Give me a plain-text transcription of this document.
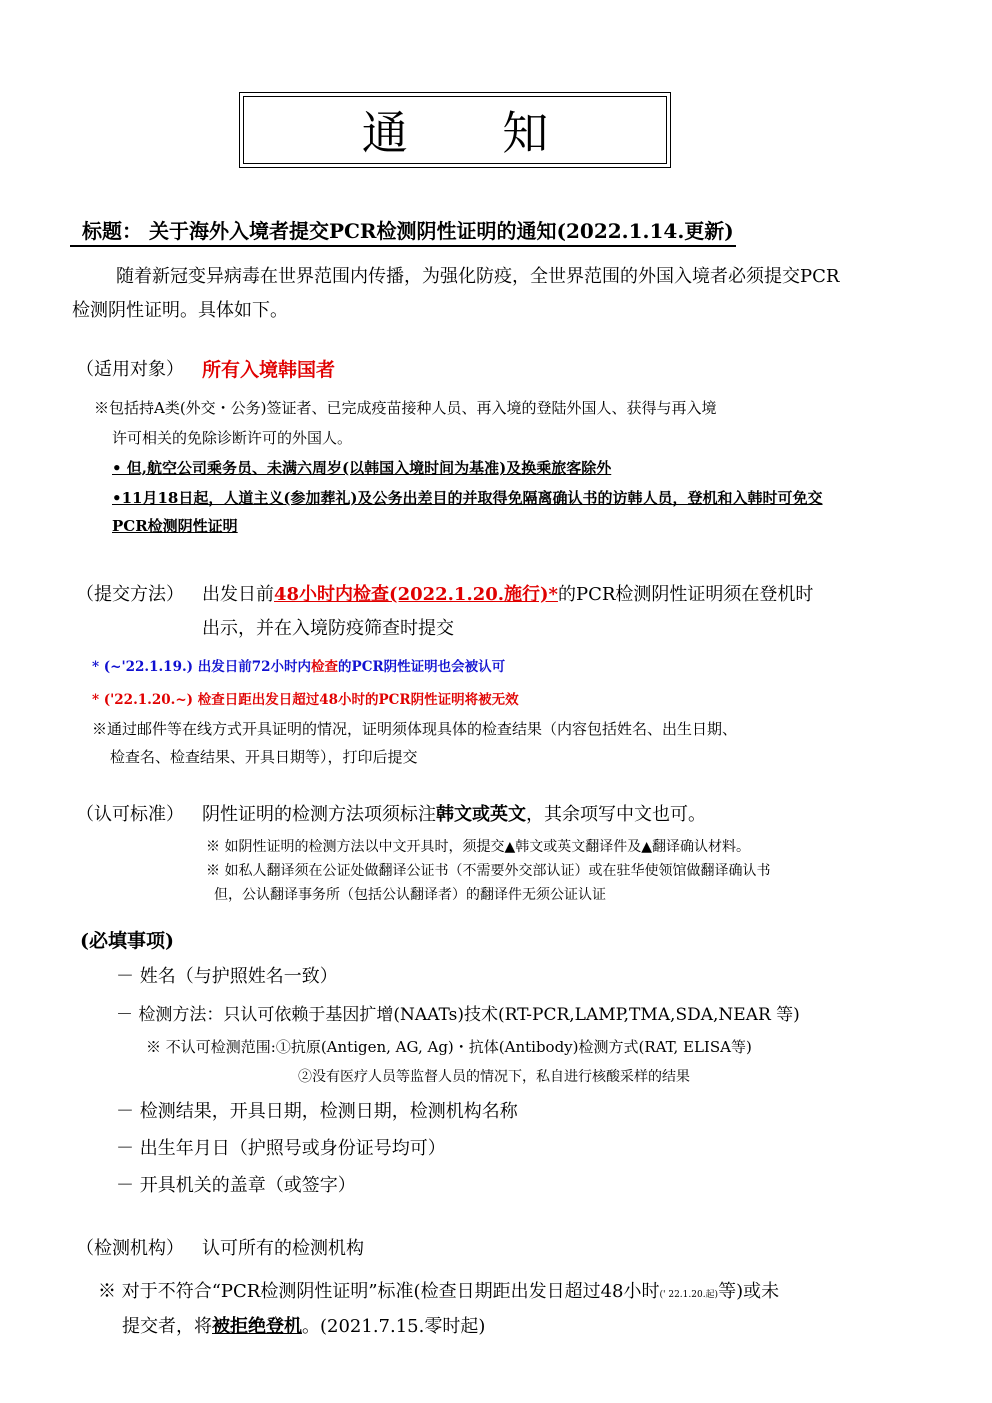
通 知
标题： 关于海外入境者提交PCR检测阴性证明的通知(2022.1.14.更新)
随着新冠变异病毒在世界范围内传播，为强化防疫，全世界范围的外国入境者必须提交PCR
检测阴性证明。具体如下。
（适用对象） 所有入境韩国者
※包括持A类(外交・公务)签证者、已完成疫苗接种人员、再入境的登陆外国人、获得与再入境
许可相关的免除诊断许可的外国人。
• 但,航空公司乘务员、未满六周岁(以韩国入境时间为基准)及换乘旅客除外
•11月18日起，人道主义(参加葬礼)及公务出差目的并取得免隔离确认书的访韩人员，登机和入韩时可免交
PCR检测阴性证明
（提交方法） 出发日前48小时内检查(2022.1.20.施行)*的PCR检测阴性证明须在登机时
出示，并在入境防疫筛查时提交
* (~'22.1.19.) 出发日前72小时内检查的PCR阴性证明也会被认可
* ('22.1.20.~) 检查日距出发日超过48小时的PCR阴性证明将被无效
※通过邮件等在线方式开具证明的情况，证明须体现具体的检查结果（内容包括姓名、出生日期、
检查名、检查结果、开具日期等），打印后提交
（认可标准） 阴性证明的检测方法项须标注韩文或英文，其余项写中文也可。
※ 如阴性证明的检测方法以中文开具时，须提交▲韩文或英文翻译件及▲翻译确认材料。
※ 如私人翻译须在公证处做翻译公证书（不需要外交部认证）或在驻华使领馆做翻译确认书
但，公认翻译事务所（包括公认翻译者）的翻译件无须公证认证
(必填事项)
－ 姓名（与护照姓名一致）
－ 检测方法：只认可依赖于基因扩增(NAATs)技术(RT-PCR,LAMP,TMA,SDA,NEAR 等)
※ 不认可检测范围:①抗原(Antigen, AG, Ag)・抗体(Antibody)检测方式(RAT, ELISA等)
②没有医疗人员等监督人员的情况下，私自进行核酸采样的结果
－ 检测结果，开具日期，检测日期，检测机构名称
－ 出生年月日（护照号或身份证号均可）
－ 开具机关的盖章（或签字）
（检测机构） 认可所有的检测机构
※ 对于不符合“PCR检测阴性证明”标准(检查日期距出发日超过48小时(' 22.1.20.起)等)或未
提交者，将被拒绝登机。(2021.7.15.零时起)
